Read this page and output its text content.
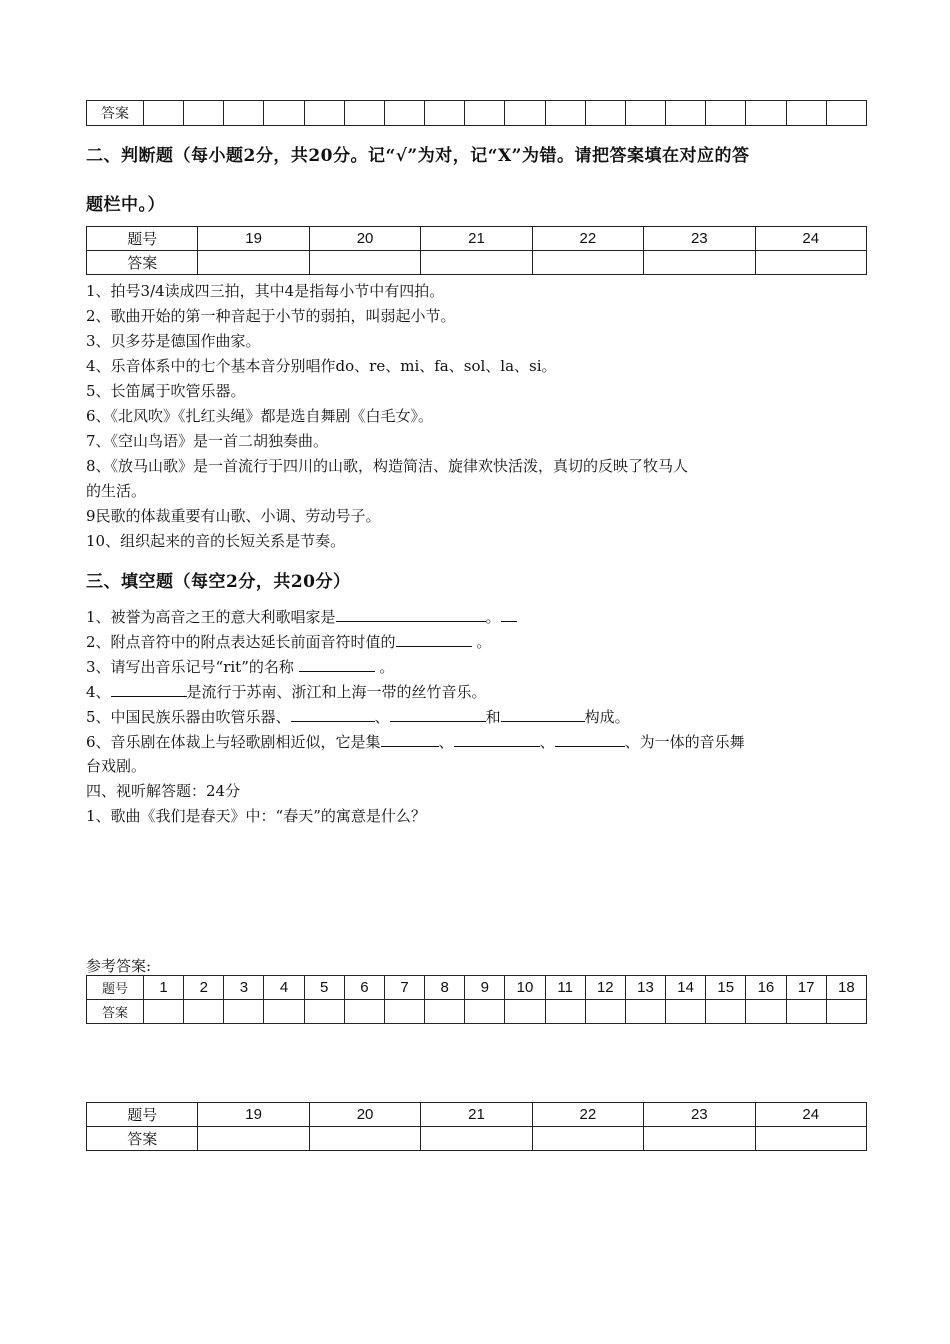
答案																		
二、判断题（每小题2分，共20分。记“√”为对，记“X”为错。请把答案填在对应的答
题栏中。）
题号	19	20	21	22	23	24
答案						
1、拍号3/4读成四三拍，其中4是指每小节中有四拍。
2、歌曲开始的第一种音起于小节的弱拍，叫弱起小节。
3、贝多芬是德国作曲家。
4、乐音体系中的七个基本音分别唱作do、re、mi、fa、sol、la、si。
5、长笛属于吹管乐器。
6、《北风吹》《扎红头绳》都是选自舞剧《白毛女》。
7、《空山鸟语》是一首二胡独奏曲。
8、《放马山歌》是一首流行于四川的山歌，构造简洁、旋律欢快活泼，真切的反映了牧马人
的生活。
9民歌的体裁重要有山歌、小调、劳动号子。
10、组织起来的音的长短关系是节奏。
三、填空题（每空2分，共20分）
1、被誉为高音之王的意大利歌唱家是	。
2、附点音符中的附点表达延长前面音符时值的	。
3、请写出音乐记号“rit”的名称	。
4、	是流行于苏南、浙江和上海一带的丝竹音乐。
5、中国民族乐器由吹管乐器、	、	和	构成。
6、音乐剧在体裁上与轻歌剧相近似，它是集	、	、	、为一体的音乐舞
台戏剧。
四、视听解答题：24分
1、歌曲《我们是春天》中：“春天”的寓意是什么？
参考答案:
题号	1	2	3	4	5	6	7	8	9	10	11	12	13	14	15	16	17	18
答案																		
题号	19	20	21	22	23	24
答案						
